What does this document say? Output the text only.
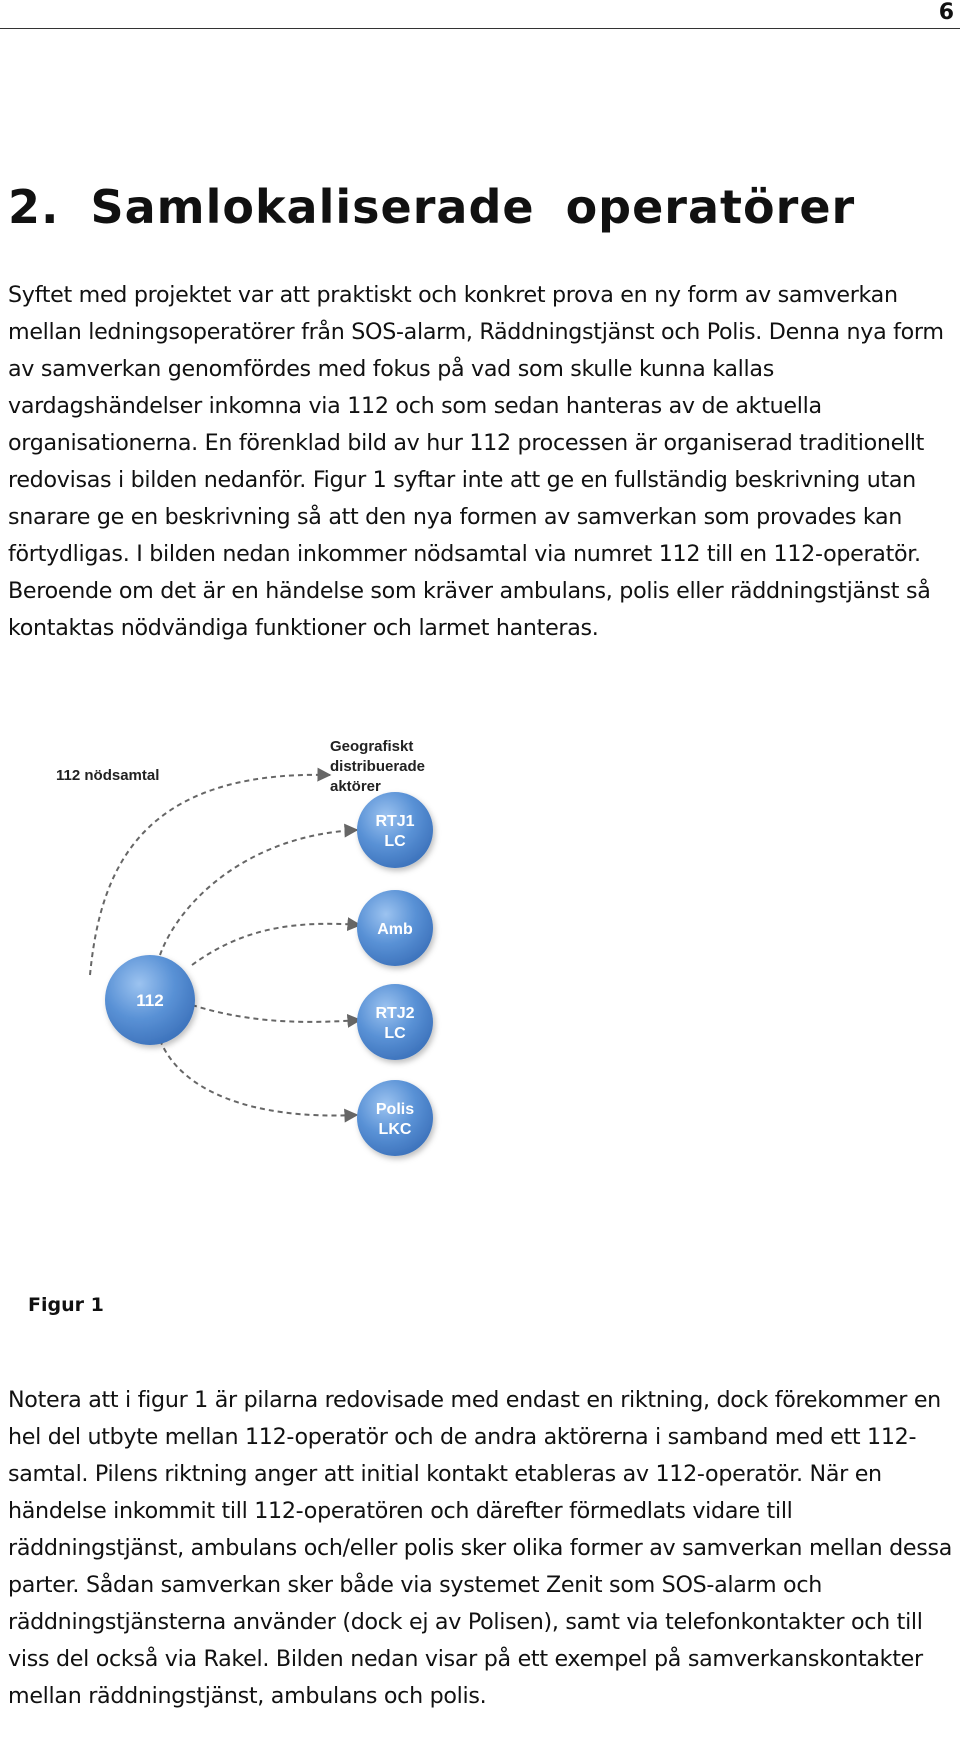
6
2. Samlokaliserade operatörer

Syftet med projektet var att praktiskt och konkret prova en ny form av samverkan mellan ledningsoperatörer från SOS-alarm, Räddningstjänst och Polis. Denna nya form av samverkan genomfördes med fokus på vad som skulle kunna kallas vardagshändelser inkomna via 112 och som sedan hanteras av de aktuella organisationerna. En förenklad bild av hur 112 processen är organiserad traditionellt redovisas i bilden nedanför. Figur 1 syftar inte att ge en fullständig beskrivning utan snarare ge en beskrivning så att den nya formen av samverkan som provades kan förtydligas. I bilden nedan inkommer nödsamtal via numret 112 till en 112-operatör. Beroende om det är en händelse som kräver ambulans, polis eller räddningstjänst så kontaktas nödvändiga funktioner och larmet hanteras.

112 nödsamtal
Geografiskt
distribuerade
aktörer
112
RTJ1
LC
Amb
RTJ2
LC
Polis
LKC

Figur 1

Notera att i figur 1 är pilarna redovisade med endast en riktning, dock förekommer en hel del utbyte mellan 112-operatör och de andra aktörerna i samband med ett 112-samtal. Pilens riktning anger att initial kontakt etableras av 112-operatör. När en händelse inkommit till 112-operatören och därefter förmedlats vidare till räddningstjänst, ambulans och/eller polis sker olika former av samverkan mellan dessa parter. Sådan samverkan sker både via systemet Zenit som SOS-alarm och räddningstjänsterna använder (dock ej av Polisen), samt via telefonkontakter och till viss del också via Rakel. Bilden nedan visar på ett exempel på samverkanskontakter mellan räddningstjänst, ambulans och polis.
